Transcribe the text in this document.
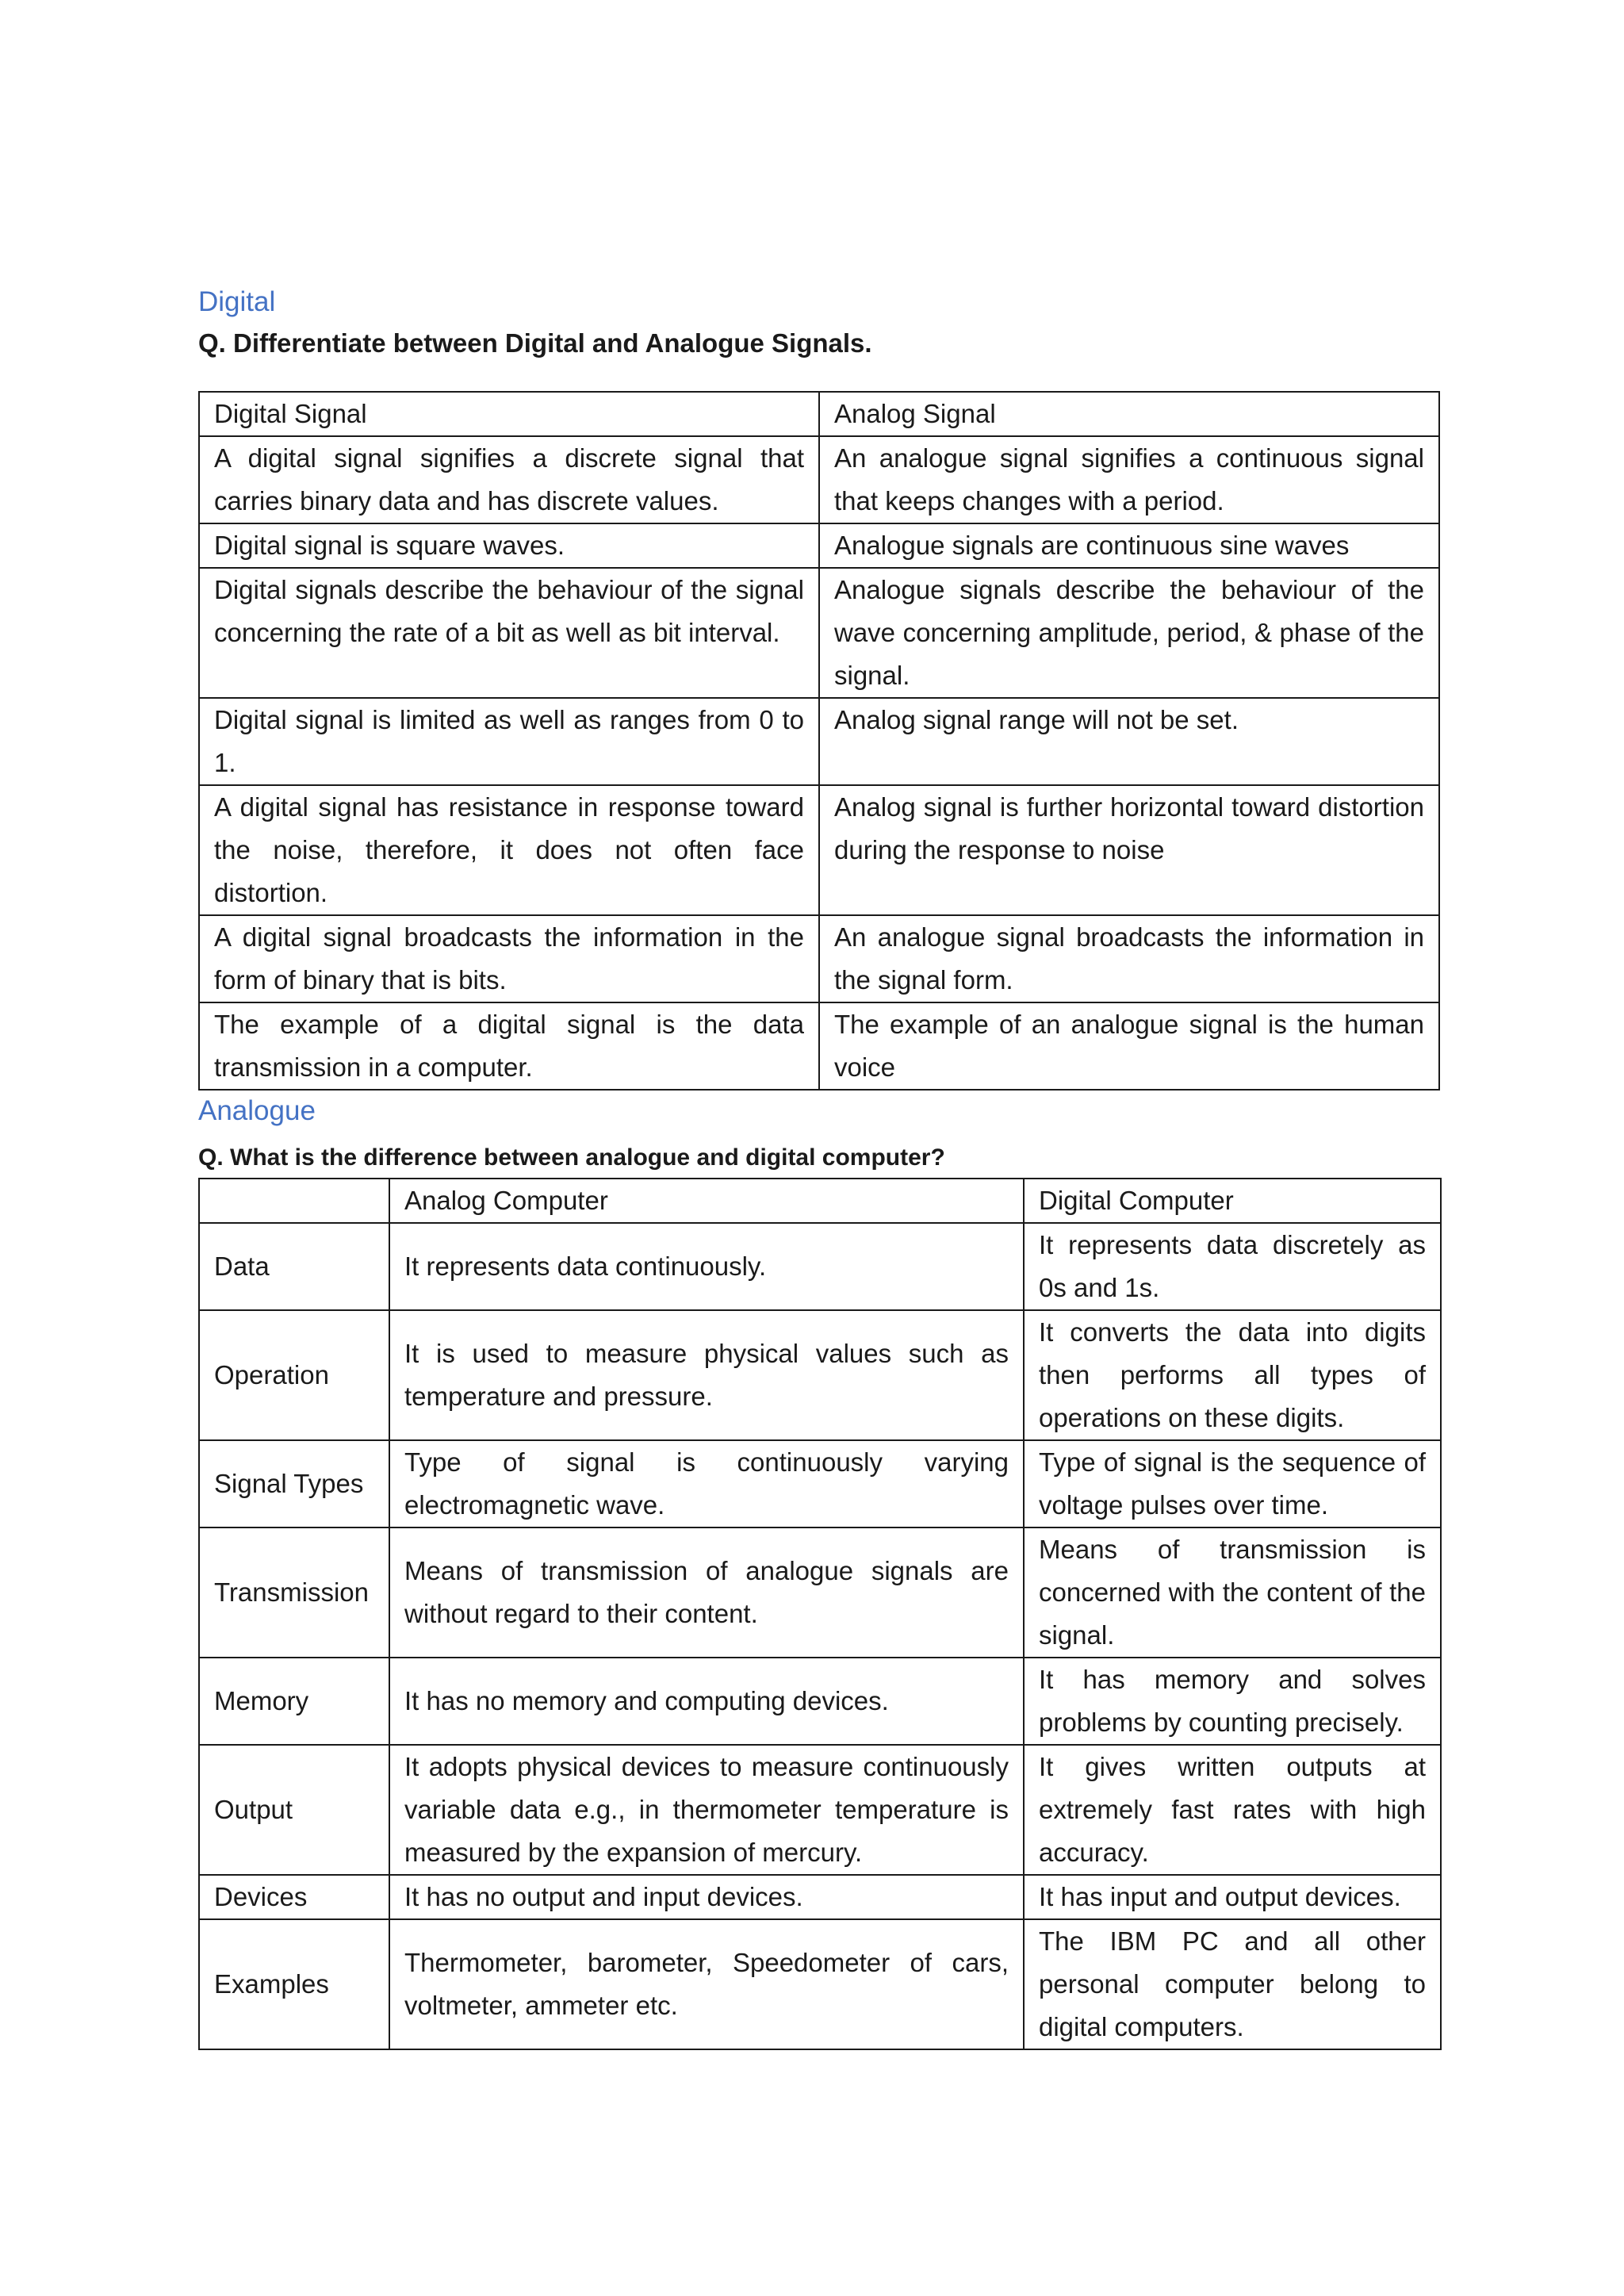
Digital

Q. Differentiate between Digital and Analogue Signals.

Digital Signal	Analog Signal
A digital signal signifies a discrete signal that carries binary data and has discrete values.	An analogue signal signifies a continuous signal that keeps changes with a period.
Digital signal is square waves.	Analogue signals are continuous sine waves
Digital signals describe the behaviour of the signal concerning the rate of a bit as well as bit interval.	Analogue signals describe the behaviour of the wave concerning amplitude, period, & phase of the signal.
Digital signal is limited as well as ranges from 0 to 1.	Analog signal range will not be set.
A digital signal has resistance in response toward the noise, therefore, it does not often face distortion.	Analog signal is further horizontal toward distortion during the response to noise
A digital signal broadcasts the information in the form of binary that is bits.	An analogue signal broadcasts the information in the signal form.
The example of a digital signal is the data transmission in a computer.	The example of an analogue signal is the human voice
Analogue

Q. What is the difference between analogue and digital computer?

	Analog Computer	Digital Computer
Data	It represents data continuously.	It represents data discretely as 0s and 1s.
Operation	It is used to measure physical values such as temperature and pressure.	It converts the data into digits then performs all types of operations on these digits.
Signal Types	Type of signal is continuously varying electromagnetic wave.	Type of signal is the sequence of voltage pulses over time.
Transmission	Means of transmission of analogue signals are without regard to their content.	Means of transmission is concerned with the content of the signal.
Memory	It has no memory and computing devices.	It has memory and solves problems by counting precisely.
Output	It adopts physical devices to measure continuously variable data e.g., in thermometer temperature is measured by the expansion of mercury.	It gives written outputs at extremely fast rates with high accuracy.
Devices	It has no output and input devices.	It has input and output devices.
Examples	Thermometer, barometer, Speedometer of cars, voltmeter, ammeter etc.	The IBM PC and all other personal computer belong to digital computers.
